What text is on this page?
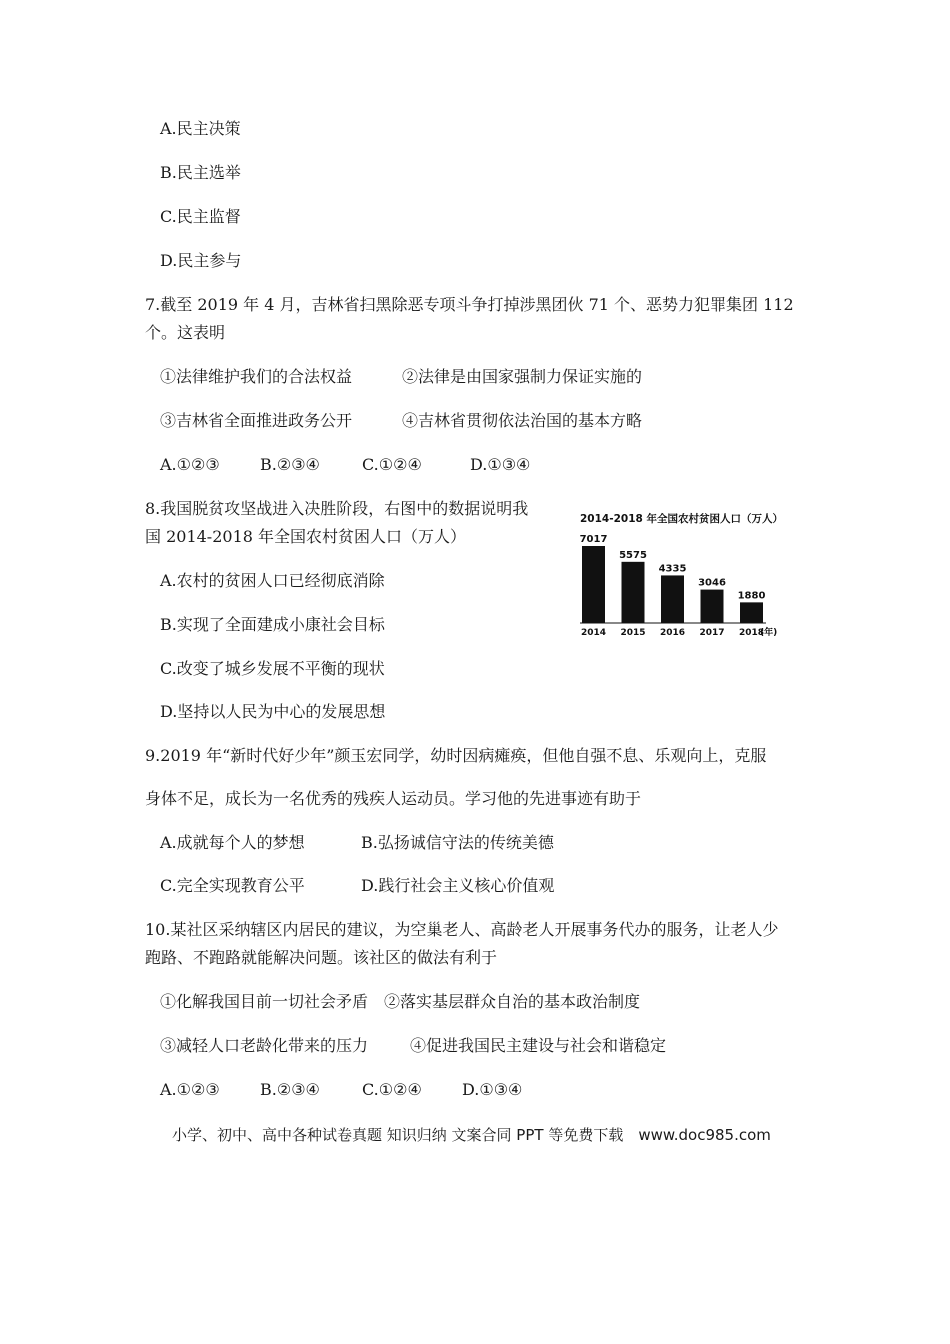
A.民主决策
B.民主选举
C.民主监督
D.民主参与
7.截至 2019 年 4 月，吉林省扫黑除恶专项斗争打掉涉黑团伙 71 个、恶势力犯罪集团 112
个。这表明
①法律维护我们的合法权益	②法律是由国家强制力保证实施的
③吉林省全面推进政务公开	④吉林省贯彻依法治国的基本方略
A.①②③	B.②③④	C.①②④	D.①③④
8.我国脱贫攻坚战进入决胜阶段，右图中的数据说明我
国 2014-2018 年全国农村贫困人口（万人）
A.农村的贫困人口已经彻底消除
B.实现了全面建成小康社会目标
C.改变了城乡发展不平衡的现状
D.坚持以人民为中心的发展思想
2014-2018 年全国农村贫困人口（万人）
(年)
7017
2014
5575
2015
4335
2016
3046
2017
1880
2018
9.2019 年“新时代好少年”颜玉宏同学，幼时因病瘫痪，但他自强不息、乐观向上，克服
身体不足，成长为一名优秀的残疾人运动员。学习他的先进事迹有助于
A.成就每个人的梦想	B.弘扬诚信守法的传统美德
C.完全实现教育公平	D.践行社会主义核心价值观
10.某社区采纳辖区内居民的建议，为空巢老人、高龄老人开展事务代办的服务，让老人少
跑路、不跑路就能解决问题。该社区的做法有利于
①化解我国目前一切社会矛盾 ②落实基层群众自治的基本政治制度
③减轻人口老龄化带来的压力	④促进我国民主建设与社会和谐稳定
A.①②③	B.②③④	C.①②④	D.①③④
小学、初中、高中各种试卷真题 知识归纳 文案合同 PPT 等免费下载　www.doc985.com
